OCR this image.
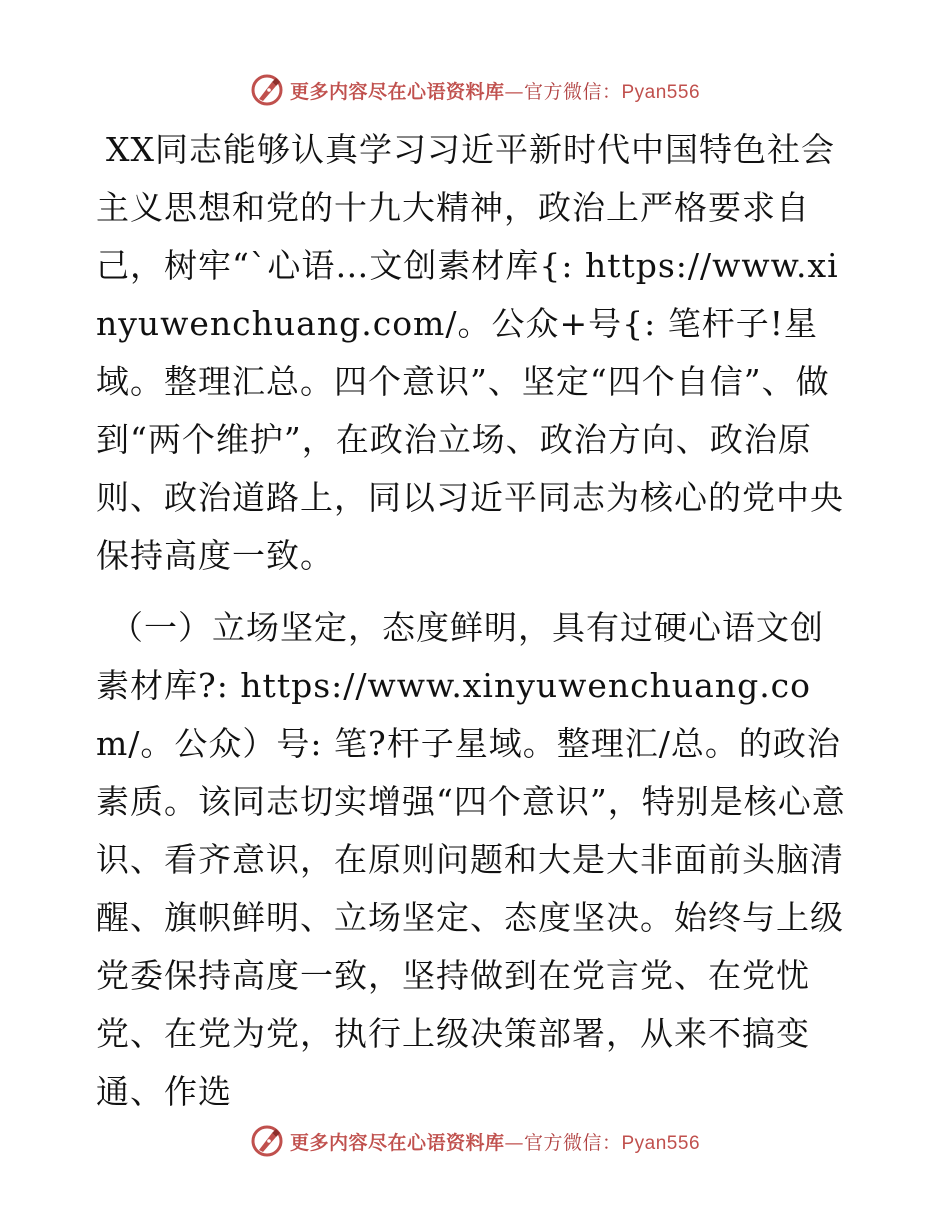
更多内容尽在心语资料库—官方微信：Pyan556

XX同志能够认真学习习近平新时代中国特色社会主义思想和党的十九大精神，政治上严格要求自己，树牢“`心语…文创素材库{: https://www.xinyuwenchuang.com/。公众+号{: 笔杆子!星域。整理汇总。四个意识”、坚定“四个自信”、做到“两个维护”，在政治立场、政治方向、政治原则、政治道路上，同以习近平同志为核心的党中央保持高度一致。

（一）立场坚定，态度鲜明，具有过硬心语文创素材库?: https://www.xinyuwenchuang.com/。公众）号: 笔?杆子星域。整理汇/总。的政治素质。该同志切实增强“四个意识”，特别是核心意识、看齐意识，在原则问题和大是大非面前头脑清醒、旗帜鲜明、立场坚定、态度坚决。始终与上级党委保持高度一致，坚持做到在党言党、在党忧党、在党为党，执行上级决策部署，从来不搞变通、作选

更多内容尽在心语资料库—官方微信：Pyan556
